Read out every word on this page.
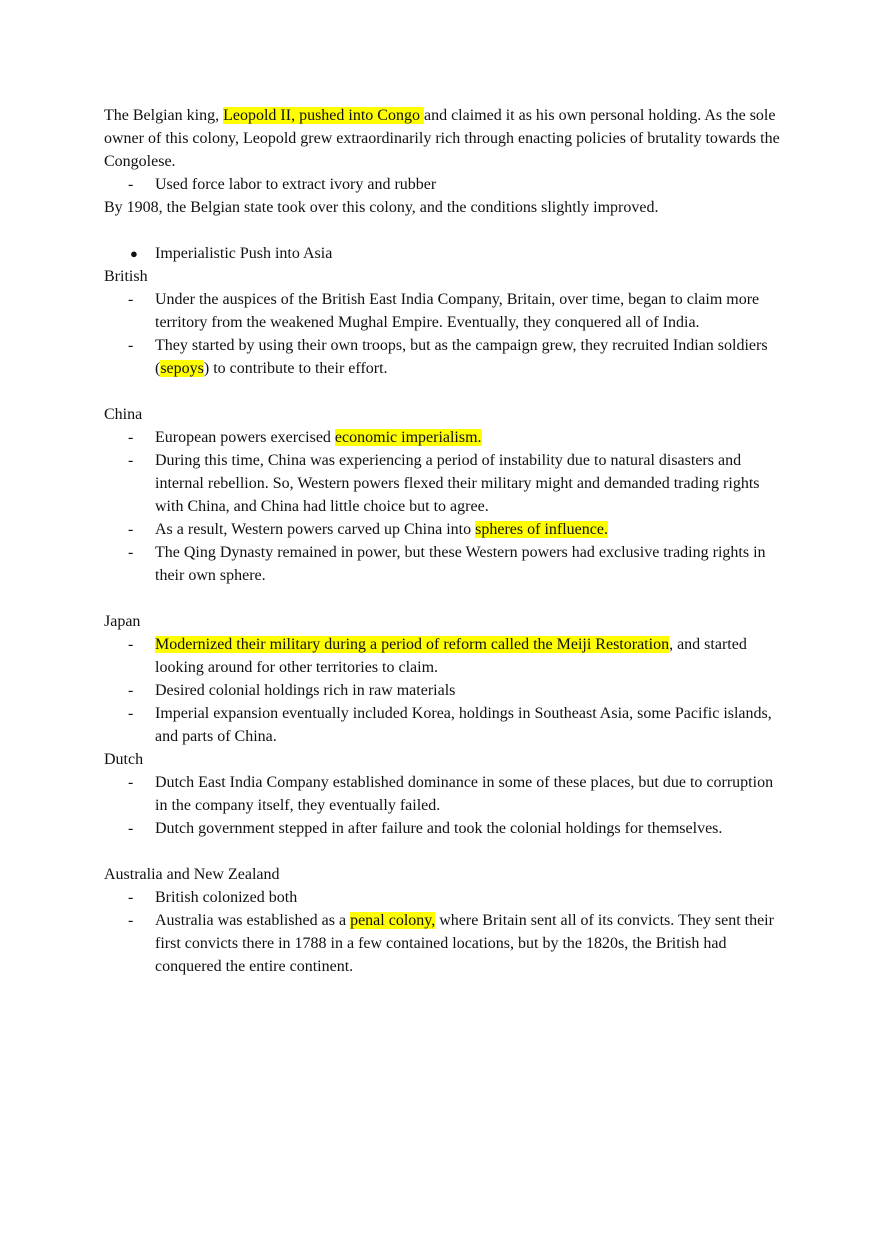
The Belgian king, Leopold II, pushed into Congo and claimed it as his own personal holding. As the sole owner of this colony, Leopold grew extraordinarily rich through enacting policies of brutality towards the Congolese.

- Used force labor to extract ivory and rubber

By 1908, the Belgian state took over this colony, and the conditions slightly improved.

● Imperialistic Push into Asia

British

- Under the auspices of the British East India Company, Britain, over time, began to claim more territory from the weakened Mughal Empire. Eventually, they conquered all of India.
- They started by using their own troops, but as the campaign grew, they recruited Indian soldiers (sepoys) to contribute to their effort.

China

- European powers exercised economic imperialism.
- During this time, China was experiencing a period of instability due to natural disasters and internal rebellion. So, Western powers flexed their military might and demanded trading rights with China, and China had little choice but to agree.
- As a result, Western powers carved up China into spheres of influence.
- The Qing Dynasty remained in power, but these Western powers had exclusive trading rights in their own sphere.

Japan

- Modernized their military during a period of reform called the Meiji Restoration, and started looking around for other territories to claim.
- Desired colonial holdings rich in raw materials
- Imperial expansion eventually included Korea, holdings in Southeast Asia, some Pacific islands, and parts of China.

Dutch

- Dutch East India Company established dominance in some of these places, but due to corruption in the company itself, they eventually failed.
- Dutch government stepped in after failure and took the colonial holdings for themselves.

Australia and New Zealand

- British colonized both
- Australia was established as a penal colony, where Britain sent all of its convicts. They sent their first convicts there in 1788 in a few contained locations, but by the 1820s, the British had conquered the entire continent.
